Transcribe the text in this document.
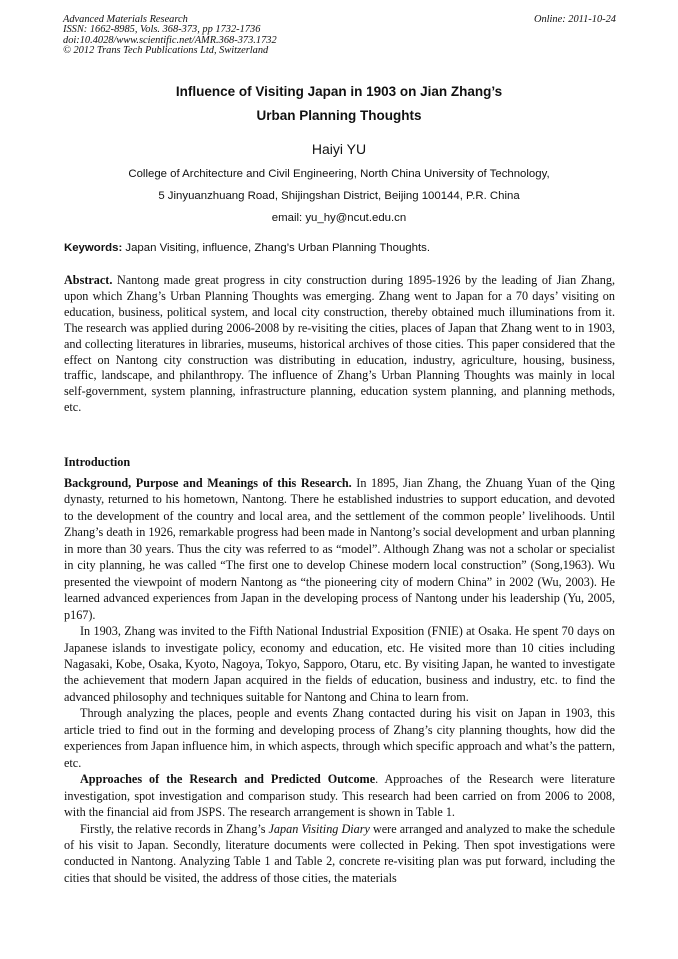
Advanced Materials Research
ISSN: 1662-8985, Vols. 368-373, pp 1732-1736
doi:10.4028/www.scientific.net/AMR.368-373.1732
© 2012 Trans Tech Publications Ltd, Switzerland
Online: 2011-10-24
Influence of Visiting Japan in 1903 on Jian Zhang’s
Urban Planning Thoughts
Haiyi YU
College of Architecture and Civil Engineering, North China University of Technology,
5 Jinyuanzhuang Road, Shijingshan District, Beijing 100144, P.R. China
email: yu_hy@ncut.edu.cn
Keywords: Japan Visiting, influence, Zhang’s Urban Planning Thoughts.
Abstract. Nantong made great progress in city construction during 1895-1926 by the leading of Jian Zhang, upon which Zhang’s Urban Planning Thoughts was emerging. Zhang went to Japan for a 70 days’ visiting on education, business, political system, and local city construction, thereby obtained much illuminations from it. The research was applied during 2006-2008 by re-visiting the cities, places of Japan that Zhang went to in 1903, and collecting literatures in libraries, museums, historical archives of those cities. This paper considered that the effect on Nantong city construction was distributing in education, industry, agriculture, housing, business, traffic, landscape, and philanthropy. The influence of Zhang’s Urban Planning Thoughts was mainly in local self-government, system planning, infrastructure planning, education system planning, and planning methods, etc.
Introduction

Background, Purpose and Meanings of this Research. In 1895, Jian Zhang, the Zhuang Yuan of the Qing dynasty, returned to his hometown, Nantong. There he established industries to support education, and devoted to the development of the country and local area, and the settlement of the common people’ livelihoods. Until Zhang’s death in 1926, remarkable progress had been made in Nantong’s social development and urban planning in more than 30 years. Thus the city was referred to as “model”. Although Zhang was not a scholar or specialist in city planning, he was called “The first one to develop Chinese modern local construction” (Song,1963). Wu presented the viewpoint of modern Nantong as “the pioneering city of modern China” in 2002 (Wu, 2003). He learned advanced experiences from Japan in the developing process of Nantong under his leadership (Yu, 2005, p167).

In 1903, Zhang was invited to the Fifth National Industrial Exposition (FNIE) at Osaka. He spent 70 days on Japanese islands to investigate policy, economy and education, etc. He visited more than 10 cities including Nagasaki, Kobe, Osaka, Kyoto, Nagoya, Tokyo, Sapporo, Otaru, etc. By visiting Japan, he wanted to investigate the achievement that modern Japan acquired in the fields of education, business and industry, etc. to find the advanced philosophy and techniques suitable for Nantong and China to learn from.

Through analyzing the places, people and events Zhang contacted during his visit on Japan in 1903, this article tried to find out in the forming and developing process of Zhang’s city planning thoughts, how did the experiences from Japan influence him, in which aspects, through which specific approach and what’s the pattern, etc.

Approaches of the Research and Predicted Outcome. Approaches of the Research were literature investigation, spot investigation and comparison study. This research had been carried on from 2006 to 2008, with the financial aid from JSPS. The research arrangement is shown in Table 1.

Firstly, the relative records in Zhang’s Japan Visiting Diary were arranged and analyzed to make the schedule of his visit to Japan. Secondly, literature documents were collected in Peking. Then spot investigations were conducted in Nantong. Analyzing Table 1 and Table 2, concrete re-visiting plan was put forward, including the cities that should be visited, the address of those cities, the materials
